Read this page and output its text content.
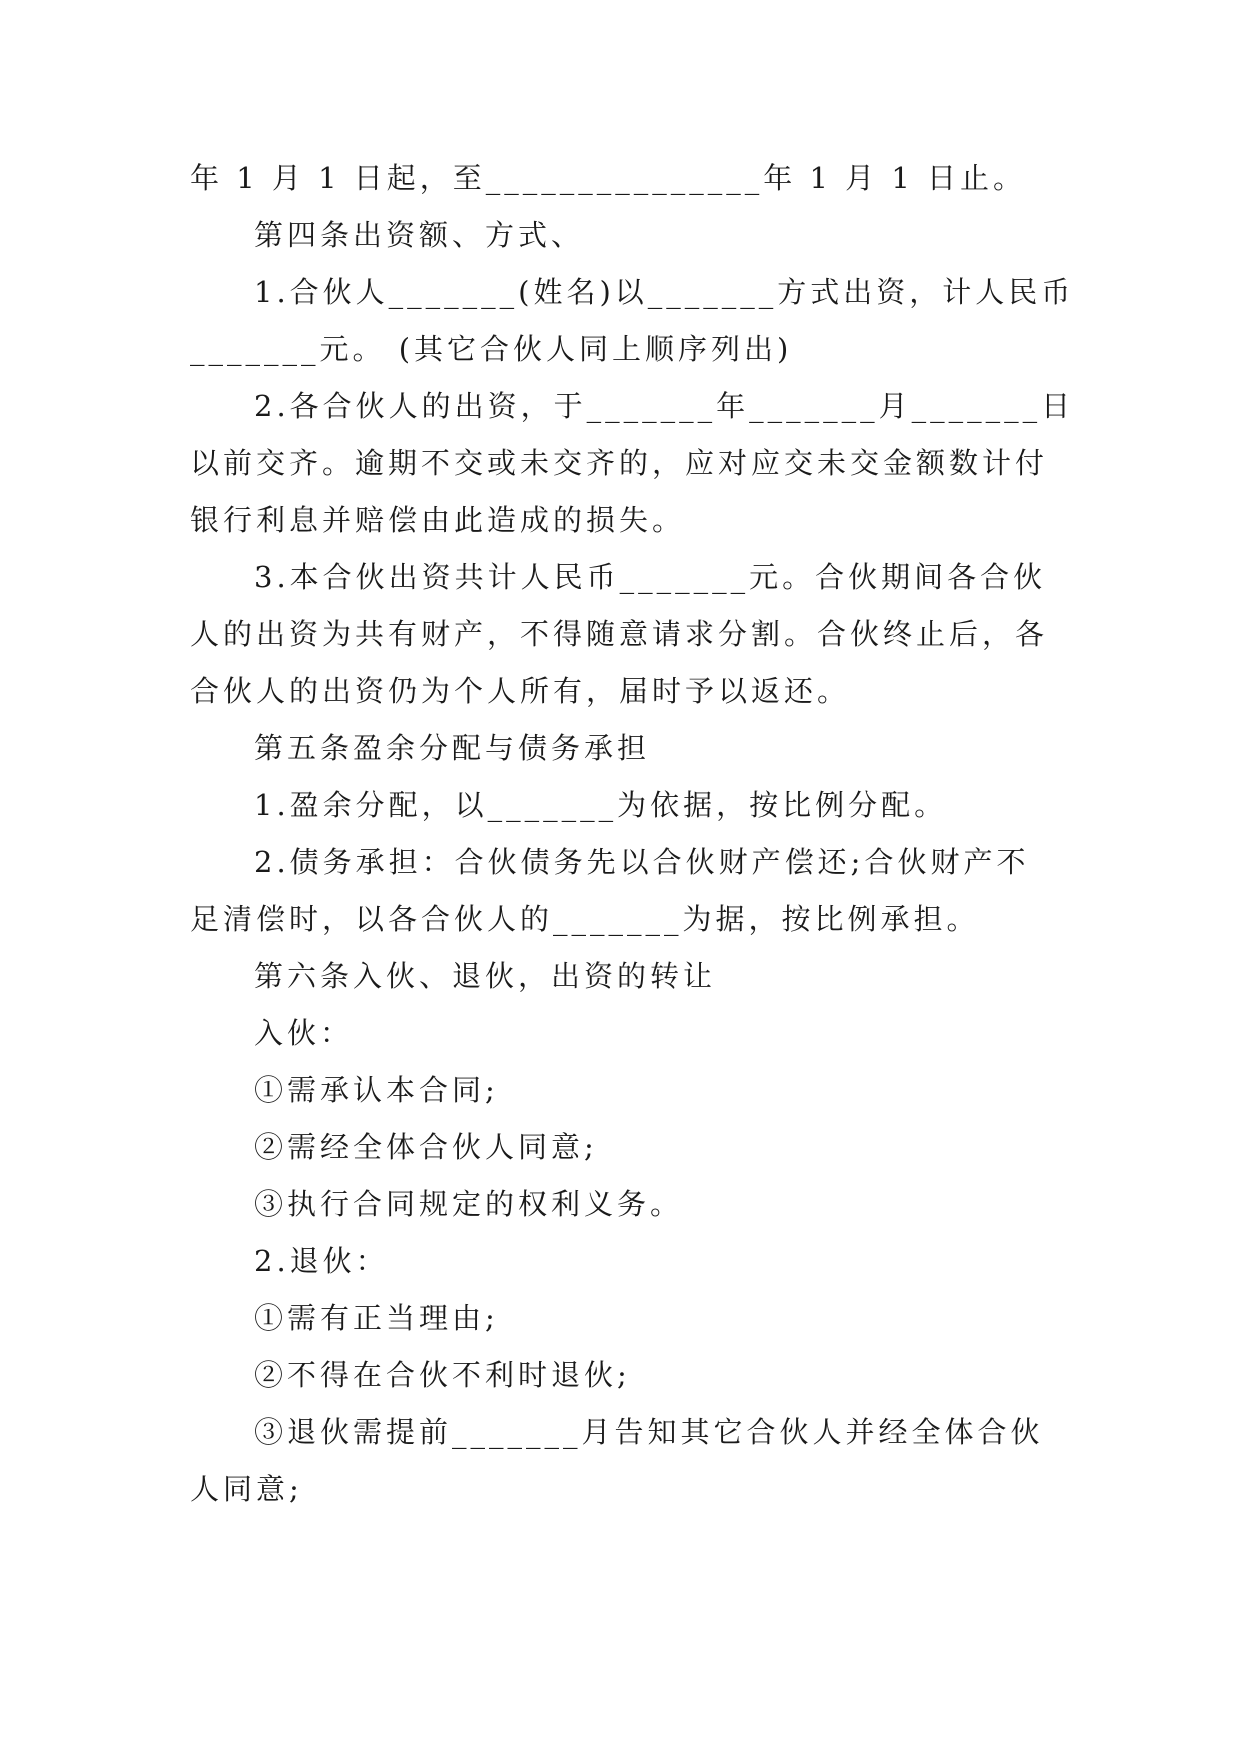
年 1 月 1 日起，至_______________年 1 月 1 日止。
第四条出资额、方式、
1.合伙人_______(姓名)以_______方式出资，计人民币
_______元。 (其它合伙人同上顺序列出)
2.各合伙人的出资，于_______年_______月_______日
以前交齐。逾期不交或未交齐的，应对应交未交金额数计付
银行利息并赔偿由此造成的损失。
3.本合伙出资共计人民币_______元。合伙期间各合伙
人的出资为共有财产，不得随意请求分割。合伙终止后，各
合伙人的出资仍为个人所有，届时予以返还。
第五条盈余分配与债务承担
1.盈余分配，以_______为依据，按比例分配。
2.债务承担：合伙债务先以合伙财产偿还;合伙财产不
足清偿时，以各合伙人的_______为据，按比例承担。
第六条入伙、退伙，出资的转让
入伙：
①需承认本合同;
②需经全体合伙人同意;
③执行合同规定的权利义务。
2.退伙：
①需有正当理由;
②不得在合伙不利时退伙;
③退伙需提前_______月告知其它合伙人并经全体合伙
人同意;
